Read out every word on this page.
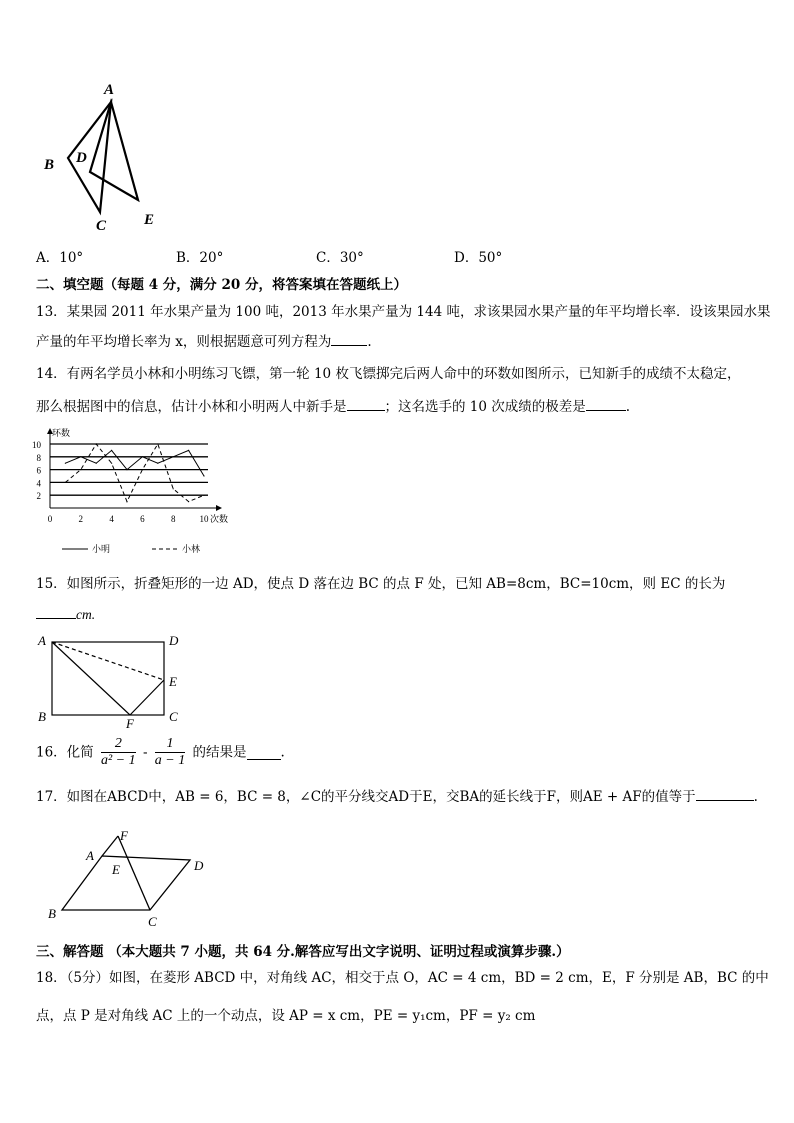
A
B D
C	E
A．10°	B．20°	C．30°	D．50°
二、填空题（每题 4 分，满分 20 分，将答案填在答题纸上）
13．某果园 2011 年水果产量为 100 吨，2013 年水果产量为 144 吨，求该果园水果产量的年平均增长率．设该果园水果
产量的年平均增长率为 x，则根据题意可列方程为	.
14．有两名学员小林和小明练习飞镖，第一轮 10 枚飞镖掷完后两人命中的环数如图所示，已知新手的成绩不太稳定，
那么根据图中的信息，估计小林和小明两人中新手是	；这名选手的 10 次成绩的极差是	.
2
4
6
8
10
0	2	4	6	8	10
环数
次数
小明	小林
15．如图所示，折叠矩形的一边 AD，使点 D 落在边 BC 的点 F 处，已知 AB=8cm，BC=10cm，则 EC 的长为
cm.
A	D
E
B	F	C
16．化简 $\frac{2}{\text{a² − 1}} - \frac{1}{a - 1}$ 的结果是	.
17．如图在ABCD中，AB = 6，BC = 8，∠C的平分线交AD于E，交BA的延长线于F，则AE + AF的值等于	.
F
A
E	D
B
C
三、解答题 （本大题共 7 小题，共 64 分.解答应写出文字说明、证明过程或演算步骤.）
18．（5分）如图，在菱形 ABCD 中，对角线 AC，相交于点 O，AC = 4 cm，BD = 2 cm，E，F 分别是 AB，BC 的中
点，点 P 是对角线 AC 上的一个动点，设 AP = x cm，PE = y₁cm，PF = y₂ cm
